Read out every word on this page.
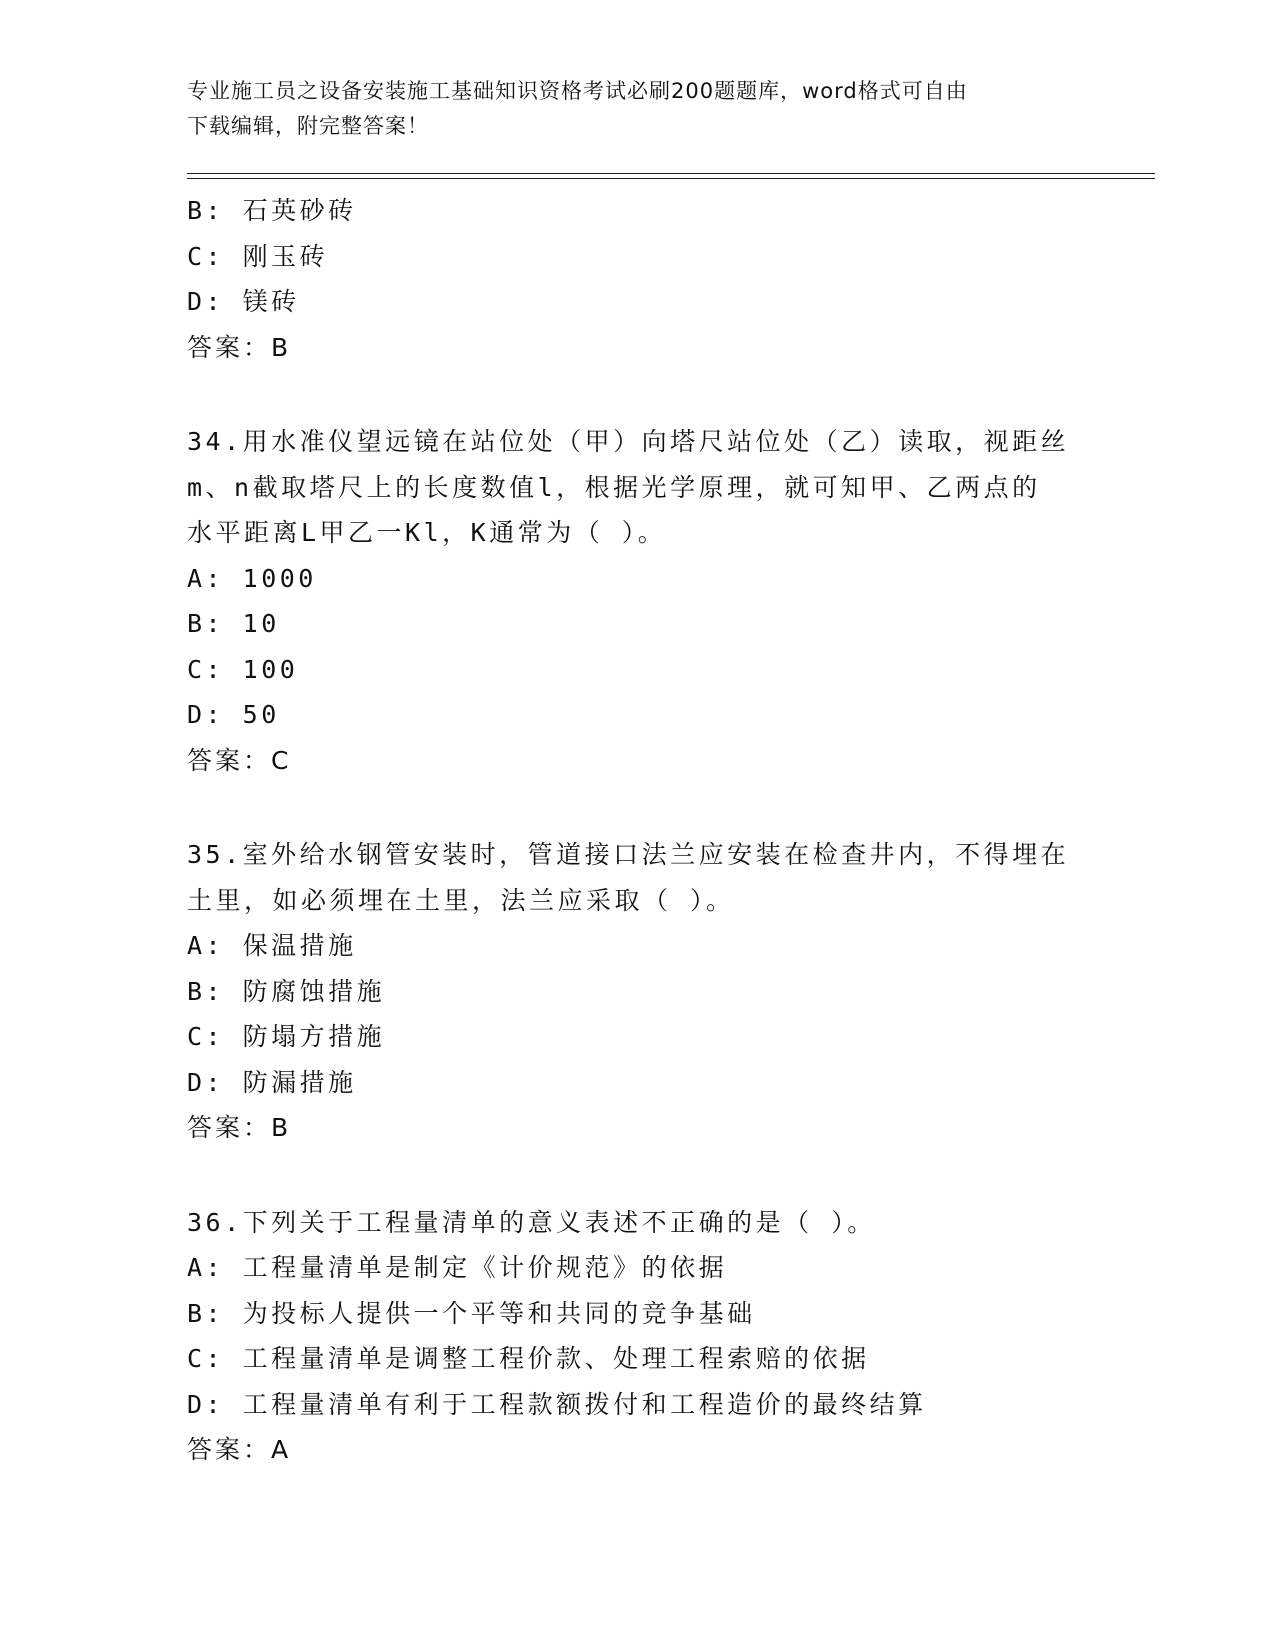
专业施工员之设备安装施工基础知识资格考试必刷200题题库，word格式可自由
下载编辑，附完整答案！
B: 石英砂砖
C: 刚玉砖
D: 镁砖
答案：B
34.用水准仪望远镜在站位处（甲）向塔尺站位处（乙）读取，视距丝
m、n截取塔尺上的长度数值l，根据光学原理，就可知甲、乙两点的
水平距离L甲乙一Kl，K通常为（ ）。
A: 1000
B: 10
C: 100
D: 50
答案：C
35.室外给水钢管安装时，管道接口法兰应安装在检查井内，不得埋在
土里，如必须埋在土里，法兰应采取（ ）。
A: 保温措施
B: 防腐蚀措施
C: 防塌方措施
D: 防漏措施
答案：B
36.下列关于工程量清单的意义表述不正确的是（ ）。
A: 工程量清单是制定《计价规范》的依据
B: 为投标人提供一个平等和共同的竞争基础
C: 工程量清单是调整工程价款、处理工程索赔的依据
D: 工程量清单有利于工程款额拨付和工程造价的最终结算
答案：A
